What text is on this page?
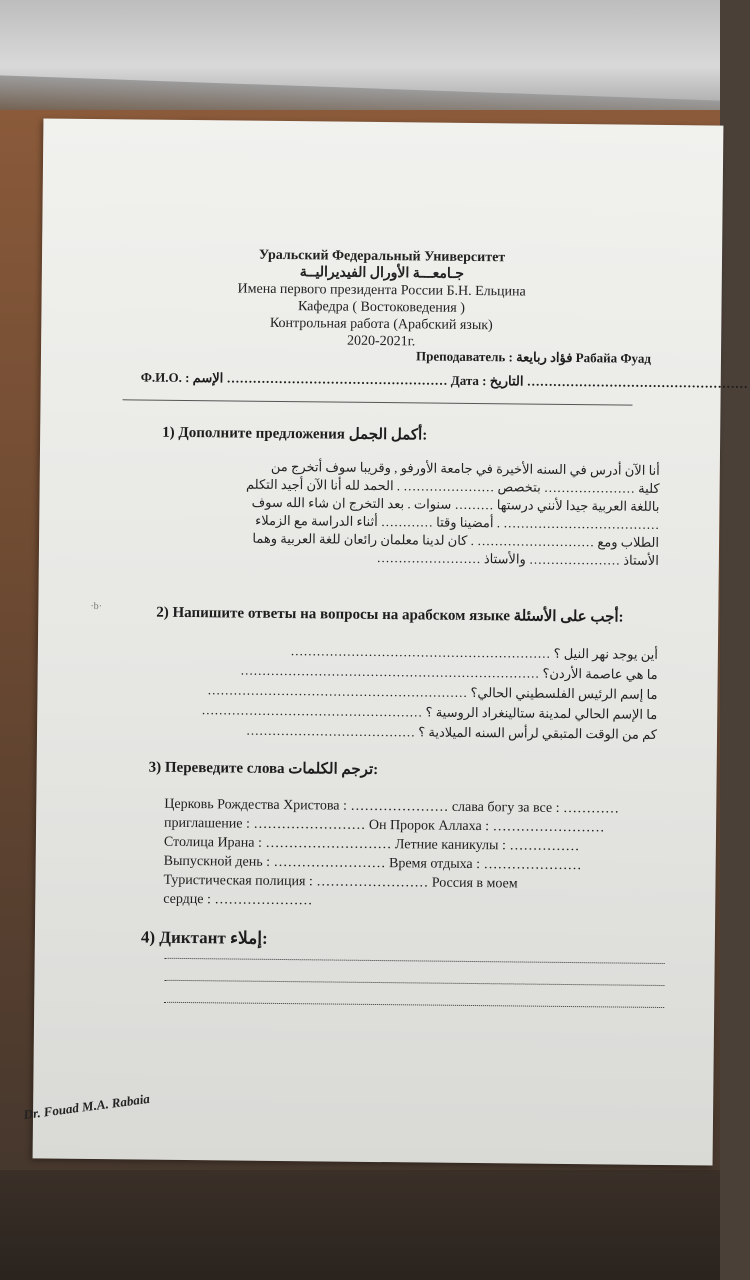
Уральский Федеральный Университет
جـامعـــة الأورال الفيديراليــة
Имена первого президента России Б.Н. Ельцина
Кафедра ( Востоковедения )
Контрольная работа (Арабский язык)
2020-2021г.
Преподаватель : فؤاد ربايعة Рабайа Фуад
Ф.И.О. : الإسم …………………………………………… Дата : التاريخ ……………………………………………
1) Дополните предложения أكمل الجمل:
أنا الآن أدرس في السنه الأخيرة في جامعة الأورفو , وقريبا سوف أتخرج من
كلية ………………… بتخصص ………………… . الحمد لله أنا الآن أجيد التكلم
باللغة العربية جيدا لأنني درستها ……… سنوات . بعد التخرج ان شاء الله سوف
……………………………… . أمضينا وقتا ………… أثناء الدراسة مع الزملاء
الطلاب ومع ……………………… . كان لدينا معلمان رائعان للغة العربية وهما
الأستاذ ………………… والأستاذ ……………………
·b·	2) Напишите ответы на вопросы на арабском языке أجب على الأسئلة:
أين يوجد نهر النيل ؟ ……………………………………………………
ما هي عاصمة الأردن؟ ……………………………………………………………
ما إسم الرئيس الفلسطيني الحالي؟ ……………………………………………………
ما الإسم الحالي لمدينة ستالينغراد الروسية ؟ ……………………………………………
كم من الوقت المتبقي لرأس السنه الميلادية ؟ …………………………………
3) Переведите слова ترجم الكلمات:
Церковь Рождества Христова : ………………… слава богу за все : …………
приглашение : …………………… Он Пророк Аллаха : ……………………
Столица Ирана : ……………………… Летние каникулы : ……………
Выпускной день : …………………… Время отдыха : …………………
Туристическая полиция : …………………… Россия в моем
сердце : …………………
4) Диктант إملاء:
Dr. Fouad M.A. Rabaia
